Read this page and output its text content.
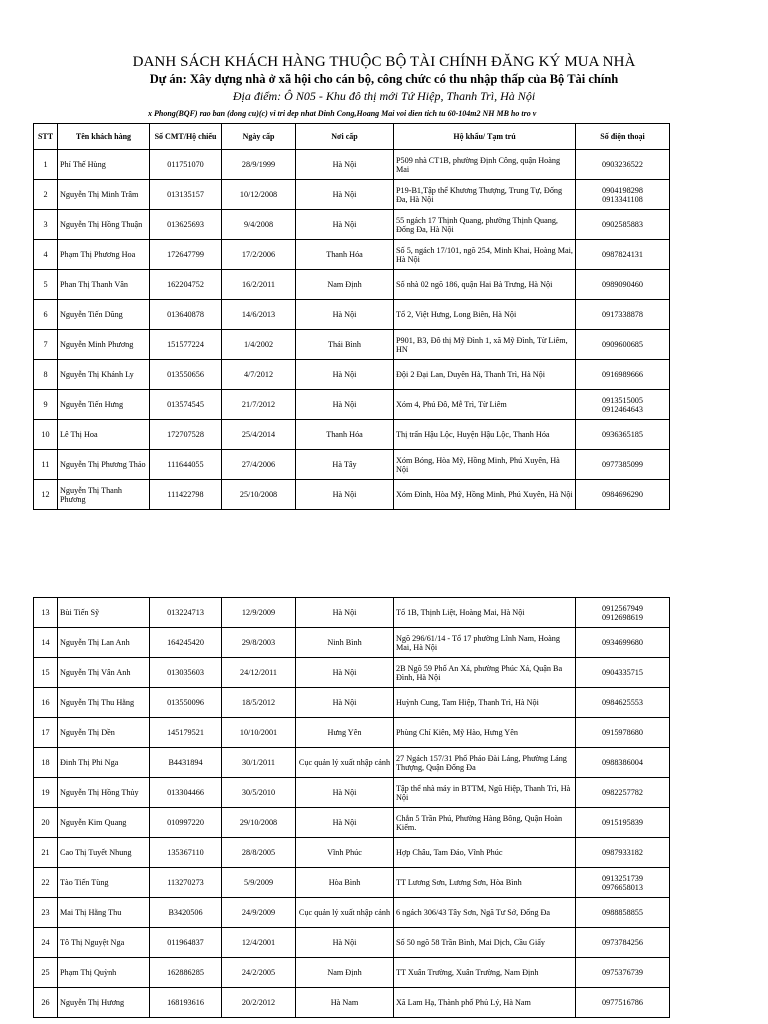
DANH SÁCH KHÁCH HÀNG THUỘC BỘ TÀI CHÍNH ĐĂNG KÝ MUA NHÀ
Dự án: Xây dựng nhà ở xã hội cho cán bộ, công chức có thu nhập thấp của Bộ Tài chính
Địa điểm: Ô N05 - Khu đô thị mới Tứ Hiệp, Thanh Trì, Hà Nội
x Phong(BQF) rao ban (dong cu)(c) vi tri dep nhat Dinh Cong,Hoang Mai voi dien tich tu 60-104m2 NH MB ho tro v
STT	Tên khách hàng	Số CMT/Hộ chiếu	Ngày cấp	Nơi cấp	Hộ khẩu/ Tạm trú	Số điện thoại
1	Phí Thế Hùng	011751070	28/9/1999	Hà Nội	P509 nhà CT1B, phường Định Công, quận Hoàng Mai	0903236522
2	Nguyễn Thị Minh Trâm	013135157	10/12/2008	Hà Nội	P19-B1,Tập thể Khương Thượng, Trung Tự, Đống Đa, Hà Nội	0904198298
0913341108
3	Nguyễn Thị Hồng Thuận	013625693	9/4/2008	Hà Nội	55 ngách 17 Thịnh Quang, phường Thịnh Quang, Đống Đa, Hà Nội	0902585883
4	Phạm Thị Phương Hoa	172647799	17/2/2006	Thanh Hóa	Số 5, ngách 17/101, ngõ 254, Minh Khai, Hoàng Mai, Hà Nội	0987824131
5	Phan Thị Thanh Vân	162204752	16/2/2011	Nam Định	Số nhà 02 ngõ 186, quận Hai Bà Trưng, Hà Nội	0989090460
6	Nguyễn Tiến Dũng	013640878	14/6/2013	Hà Nội	Tổ 2, Việt Hưng, Long Biên, Hà Nội	0917338878
7	Nguyễn Minh Phương	151577224	1/4/2002	Thái Bình	P901, B3, Đô thị Mỹ Đình 1, xã Mỹ Đình, Từ Liêm, HN	0909600685
8	Nguyễn Thị Khánh Ly	013550656	4/7/2012	Hà Nội	Đội 2 Đại Lan, Duyên Hà, Thanh Trì, Hà Nội	0916989666
9	Nguyễn Tiến Hưng	013574545	21/7/2012	Hà Nội	Xóm 4, Phú Đô, Mễ Trì, Từ Liêm	0913515005
0912464643
10	Lê Thị Hoa	172707528	25/4/2014	Thanh Hóa	Thị trấn Hậu Lộc, Huyện Hậu Lộc, Thanh Hóa	0936365185
11	Nguyễn Thị Phương Thảo	111644055	27/4/2006	Hà Tây	Xóm Bóng, Hòa Mỹ, Hồng Minh, Phú Xuyên, Hà Nội	0977385099
12	Nguyễn Thị Thanh Phương	111422798	25/10/2008	Hà Nội	Xóm Đình, Hòa Mỹ, Hồng Minh, Phú Xuyên, Hà Nội	0984696290
13	Bùi Tiến Sỹ	013224713	12/9/2009	Hà Nội	Tổ 1B, Thịnh Liệt, Hoàng Mai, Hà Nội	0912567949
0912698619
14	Nguyễn Thị Lan Anh	164245420	29/8/2003	Ninh Bình	Ngõ 296/61/14 - Tổ 17 phường Lĩnh Nam, Hoàng Mai, Hà Nội	0934699680
15	Nguyễn Thị Vân Anh	013035603	24/12/2011	Hà Nội	2B Ngõ 59 Phố An Xá, phường Phúc Xá, Quận Ba Đình, Hà Nội	0904335715
16	Nguyễn Thị Thu Hằng	013550096	18/5/2012	Hà Nội	Huỳnh Cung, Tam Hiệp, Thanh Trì, Hà Nội	0984625553
17	Nguyễn Thị Dền	145179521	10/10/2001	Hưng Yên	Phùng Chí Kiên, Mỹ Hào, Hưng Yên	0915978680
18	Đinh Thị Phi Nga	B4431894	30/1/2011	Cục quản lý xuất nhập cảnh	27 Ngách 157/31 Phố Pháo Đài Láng, Phường Láng Thượng, Quận Đống Đa	0988386004
19	Nguyễn Thị Hồng Thủy	013304466	30/5/2010	Hà Nội	Tập thể nhà máy in BTTM, Ngũ Hiệp, Thanh Trì, Hà Nội	0982257782
20	Nguyễn Kim Quang	010997220	29/10/2008	Hà Nội	Chắn 5 Trần Phú, Phường Hàng Bông, Quận Hoàn Kiếm.	0915195839
21	Cao Thị Tuyết Nhung	135367110	28/8/2005	Vĩnh Phúc	Hợp Châu, Tam Đảo, Vĩnh Phúc	0987933182
22	Tào Tiến Tùng	113270273	5/9/2009	Hòa Bình	TT Lương Sơn, Lương Sơn, Hòa Bình	0913251739
0976658013
23	Mai Thị Hằng Thu	B3420506	24/9/2009	Cục quản lý xuất nhập cảnh	6 ngách 306/43 Tây Sơn, Ngã Tư Sở, Đống Đa	0988858855
24	Tô Thị Nguyệt Nga	011964837	12/4/2001	Hà Nội	Số 50 ngõ 58 Trần Bình, Mai Dịch, Cầu Giấy	0973784256
25	Phạm Thị Quỳnh	162886285	24/2/2005	Nam Định	TT Xuân Trường, Xuân Trường, Nam Định	0975376739
26	Nguyễn Thị Hương	168193616	20/2/2012	Hà Nam	Xã Lam Hạ, Thành phố Phủ Lý, Hà Nam	0977516786
